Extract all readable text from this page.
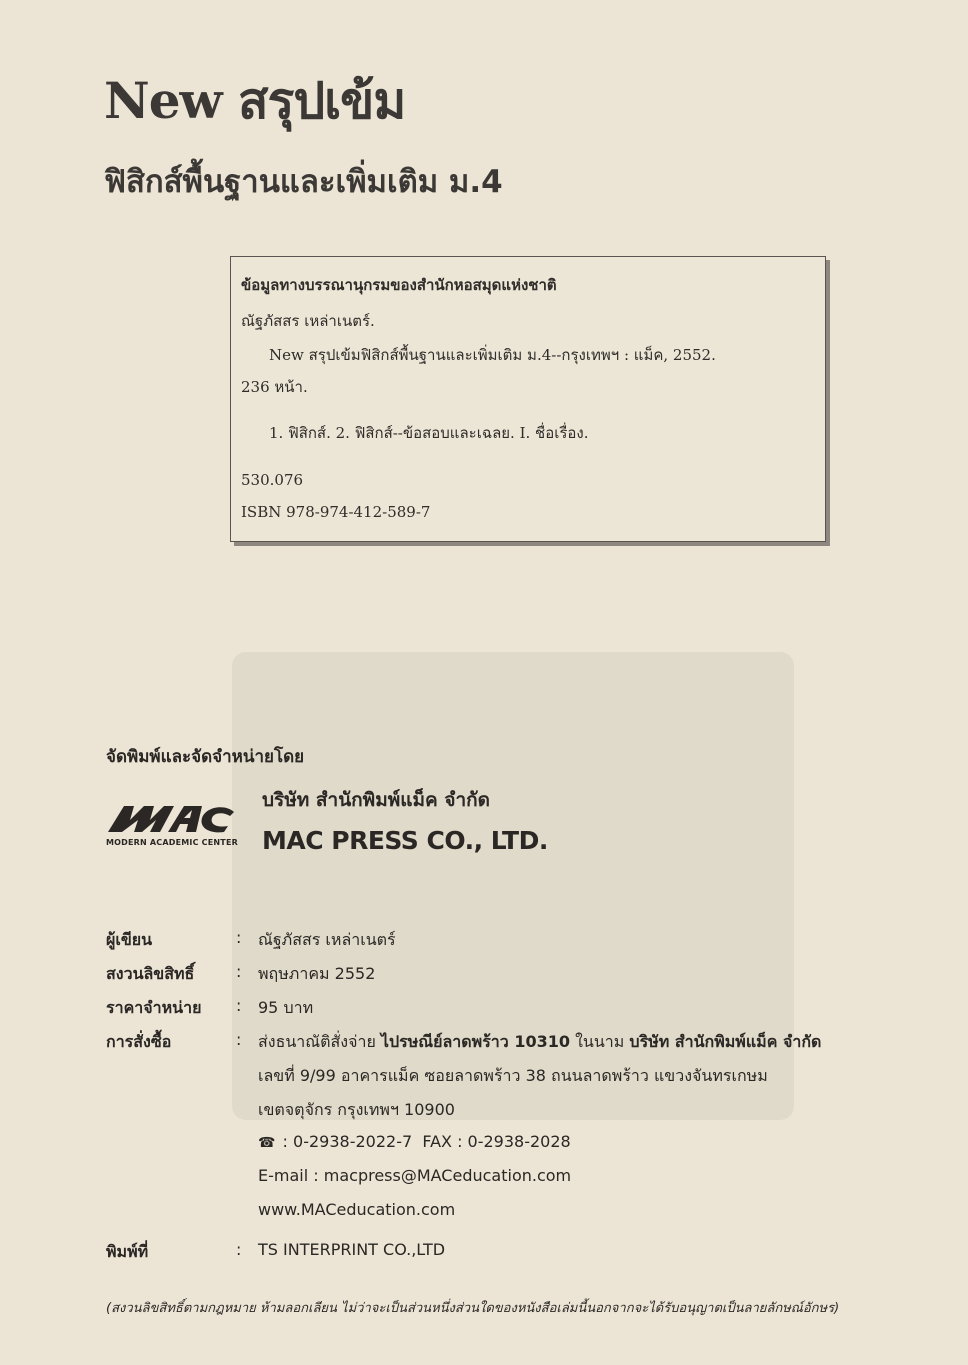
New สรุปเข้ม
ฟิสิกส์พื้นฐานและเพิ่มเติม ม.4
ข้อมูลทางบรรณานุกรมของสำนักหอสมุดแห่งชาติ
ณัฐภัสสร เหล่าเนตร์.
New สรุปเข้มฟิสิกส์พื้นฐานและเพิ่มเติม ม.4--กรุงเทพฯ : แม็ค, 2552.
236 หน้า.
1. ฟิสิกส์. 2. ฟิสิกส์--ข้อสอบและเฉลย. I. ชื่อเรื่อง.
530.076
ISBN 978-974-412-589-7
จัดพิมพ์และจัดจำหน่ายโดย
MODERN ACADEMIC CENTER
บริษัท สำนักพิมพ์แม็ค จำกัด
MAC PRESS CO., LTD.
ผู้เขียน	: ณัฐภัสสร เหล่าเนตร์
สงวนลิขสิทธิ์	: พฤษภาคม 2552
ราคาจำหน่าย : 95 บาท
การสั่งซื้อ	: ส่งธนาณัติสั่งจ่าย ไปรษณีย์ลาดพร้าว 10310 ในนาม บริษัท สำนักพิมพ์แม็ค จำกัด
เลขที่ 9/99 อาคารแม็ค ซอยลาดพร้าว 38 ถนนลาดพร้าว แขวงจันทรเกษม
เขตจตุจักร กรุงเทพฯ 10900
☎ : 0-2938-2022-7 FAX : 0-2938-2028
E-mail : macpress@MACeducation.com
www.MACeducation.com
พิมพ์ที่	: TS INTERPRINT CO.,LTD
(สงวนลิขสิทธิ์ตามกฎหมาย ห้ามลอกเลียน ไม่ว่าจะเป็นส่วนหนึ่งส่วนใดของหนังสือเล่มนี้นอกจากจะได้รับอนุญาตเป็นลายลักษณ์อักษร)
